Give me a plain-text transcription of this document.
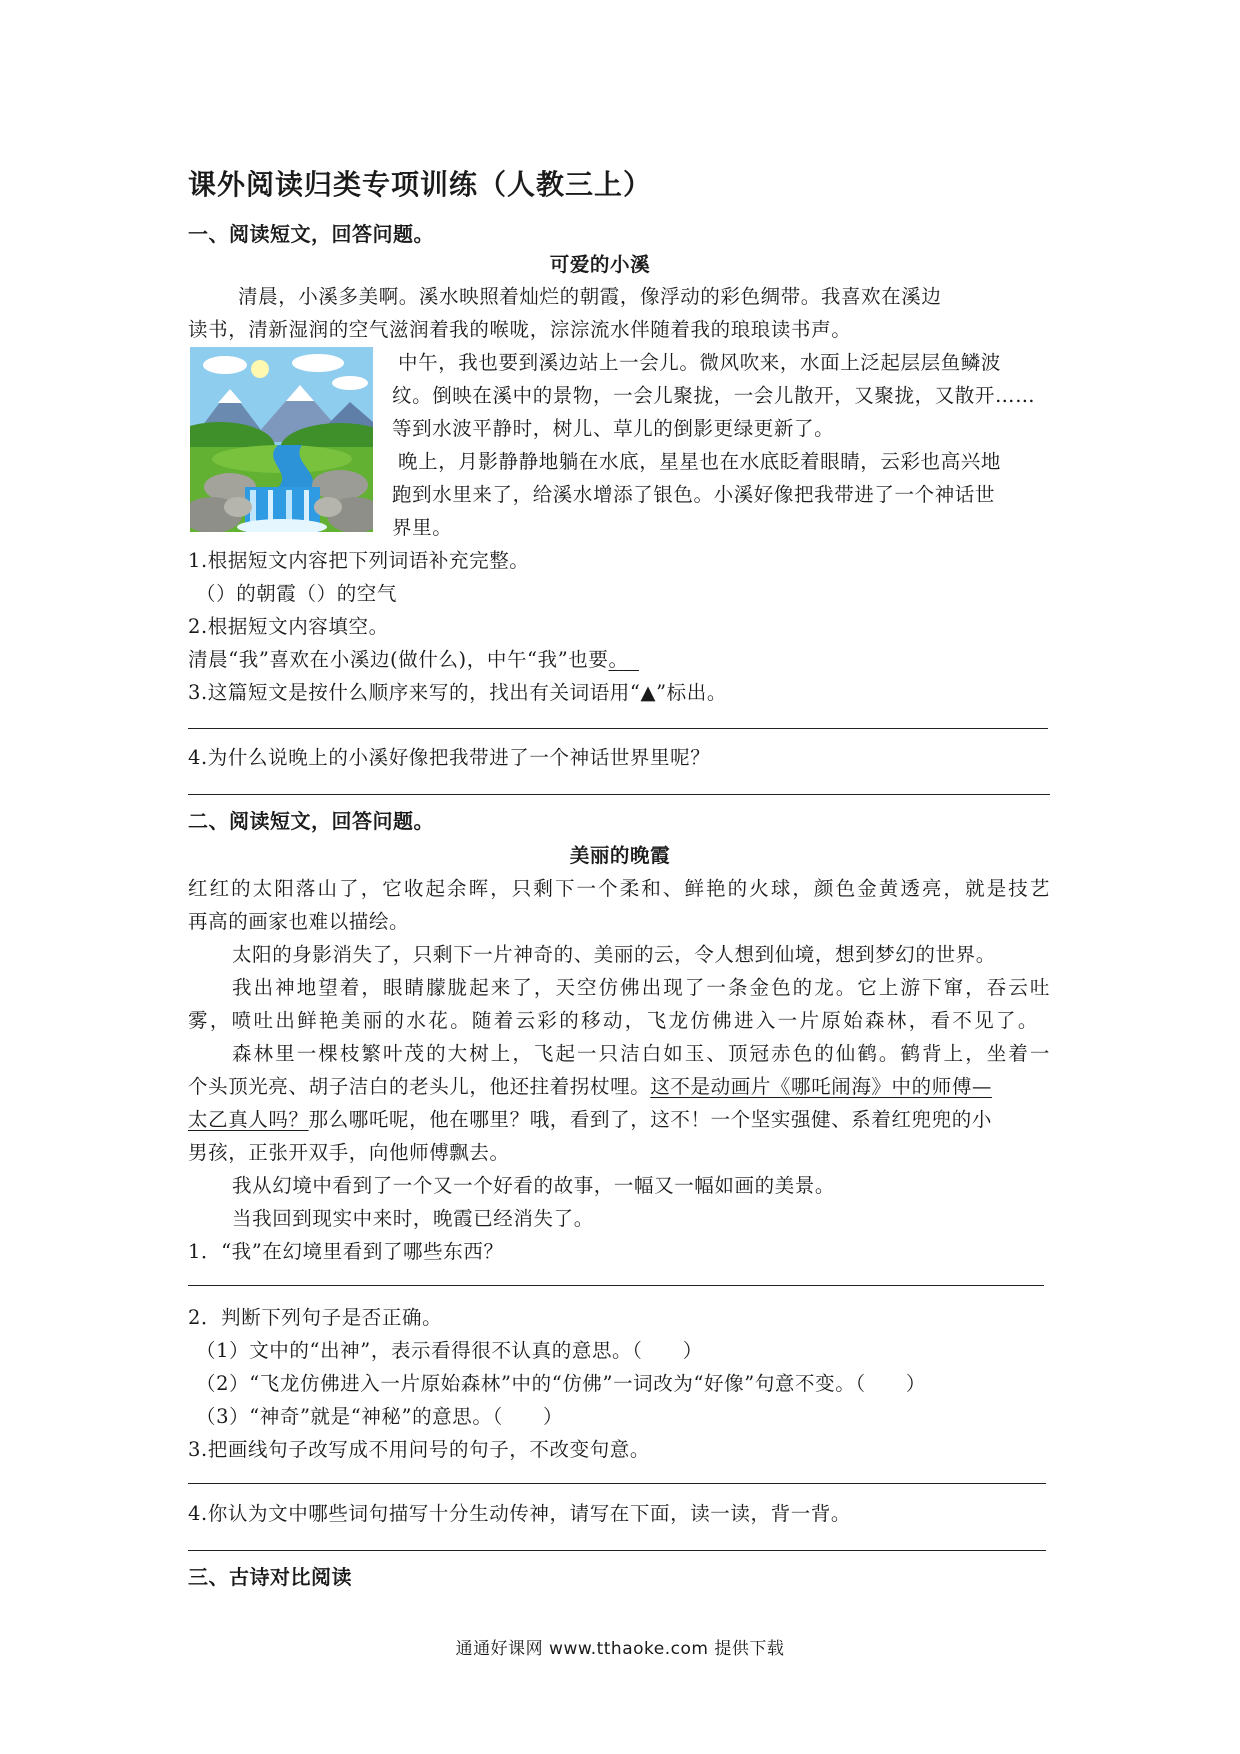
课外阅读归类专项训练（人教三上）
一、阅读短文，回答问题。
可爱的小溪
清晨，小溪多美啊。溪水映照着灿烂的朝霞，像浮动的彩色绸带。我喜欢在溪边
读书，清新湿润的空气滋润着我的喉咙，淙淙流水伴随着我的琅琅读书声。
中午，我也要到溪边站上一会儿。微风吹来，水面上泛起层层鱼鳞波
纹。倒映在溪中的景物，一会儿聚拢，一会儿散开，又聚拢，又散开……
等到水波平静时，树儿、草儿的倒影更绿更新了。
晚上，月影静静地躺在水底，星星也在水底眨着眼睛，云彩也高兴地
跑到水里来了，给溪水增添了银色。小溪好像把我带进了一个神话世
界里。
1.根据短文内容把下列词语补充完整。
（）的朝霞（）的空气
2.根据短文内容填空。
清晨“我”喜欢在小溪边(做什么)，中午“我”也要。　
3.这篇短文是按什么顺序来写的，找出有关词语用“▲”标出。
4.为什么说晚上的小溪好像把我带进了一个神话世界里呢？
二、阅读短文，回答问题。
美丽的晚霞
红红的太阳落山了，它收起余晖，只剩下一个柔和、鲜艳的火球，颜色金黄透亮，就是技艺
再高的画家也难以描绘。
太阳的身影消失了，只剩下一片神奇的、美丽的云，令人想到仙境，想到梦幻的世界。
我出神地望着，眼睛朦胧起来了，天空仿佛出现了一条金色的龙。它上游下窜，吞云吐
雾，喷吐出鲜艳美丽的水花。随着云彩的移动，飞龙仿佛进入一片原始森林，看不见了。
森林里一棵枝繁叶茂的大树上，飞起一只洁白如玉、顶冠赤色的仙鹤。鹤背上，坐着一
个头顶光亮、胡子洁白的老头儿，他还拄着拐杖哩。这不是动画片《哪吒闹海》中的师傅—
太乙真人吗？那么哪吒呢，他在哪里？哦，看到了，这不！一个坚实强健、系着红兜兜的小
男孩，正张开双手，向他师傅飘去。
我从幻境中看到了一个又一个好看的故事，一幅又一幅如画的美景。
当我回到现实中来时，晚霞已经消失了。
1．“我”在幻境里看到了哪些东西？
2．判断下列句子是否正确。
（1）文中的“出神”，表示看得很不认真的意思。（　　）
（2）“飞龙仿佛进入一片原始森林”中的“仿佛”一词改为“好像”句意不变。（　　）
（3）“神奇”就是“神秘”的意思。（　　）
3.把画线句子改写成不用问号的句子，不改变句意。
4.你认为文中哪些词句描写十分生动传神，请写在下面，读一读，背一背。
三、古诗对比阅读
通通好课网 www.tthaoke.com 提供下载
